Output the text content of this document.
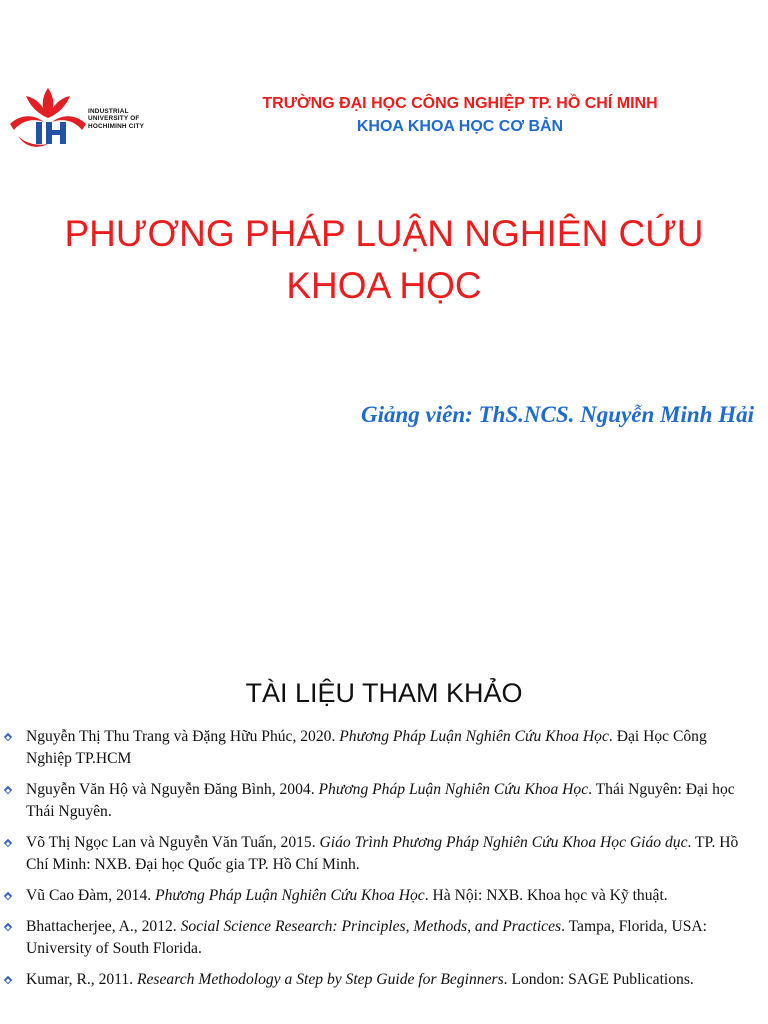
INDUSTRIAL
UNIVERSITY OF
HOCHIMINH CITY
TRƯỜNG ĐẠI HỌC CÔNG NGHIỆP TP. HỒ CHÍ MINH
KHOA KHOA HỌC CƠ BẢN
PHƯƠNG PHÁP LUẬN NGHIÊN CỨU
KHOA HỌC
Giảng viên: ThS.NCS. Nguyễn Minh Hải
TÀI LIỆU THAM KHẢO
Nguyễn Thị Thu Trang và Đặng Hữu Phúc, 2020. Phương Pháp Luận Nghiên Cứu Khoa Học. Đại Học Công Nghiệp TP.HCM
Nguyễn Văn Hộ và Nguyễn Đăng Bình, 2004. Phương Pháp Luận Nghiên Cứu Khoa Học. Thái Nguyên: Đại học Thái Nguyên.
Võ Thị Ngọc Lan và Nguyễn Văn Tuấn, 2015. Giáo Trình Phương Pháp Nghiên Cứu Khoa Học Giáo dục. TP. Hồ Chí Minh: NXB. Đại học Quốc gia TP. Hồ Chí Minh.
Vũ Cao Đàm, 2014. Phương Pháp Luận Nghiên Cứu Khoa Học. Hà Nội: NXB. Khoa học và Kỹ thuật.
Bhattacherjee, A., 2012. Social Science Research: Principles, Methods, and Practices. Tampa, Florida, USA: University of South Florida.
Kumar, R., 2011. Research Methodology a Step by Step Guide for Beginners. London: SAGE Publications.
